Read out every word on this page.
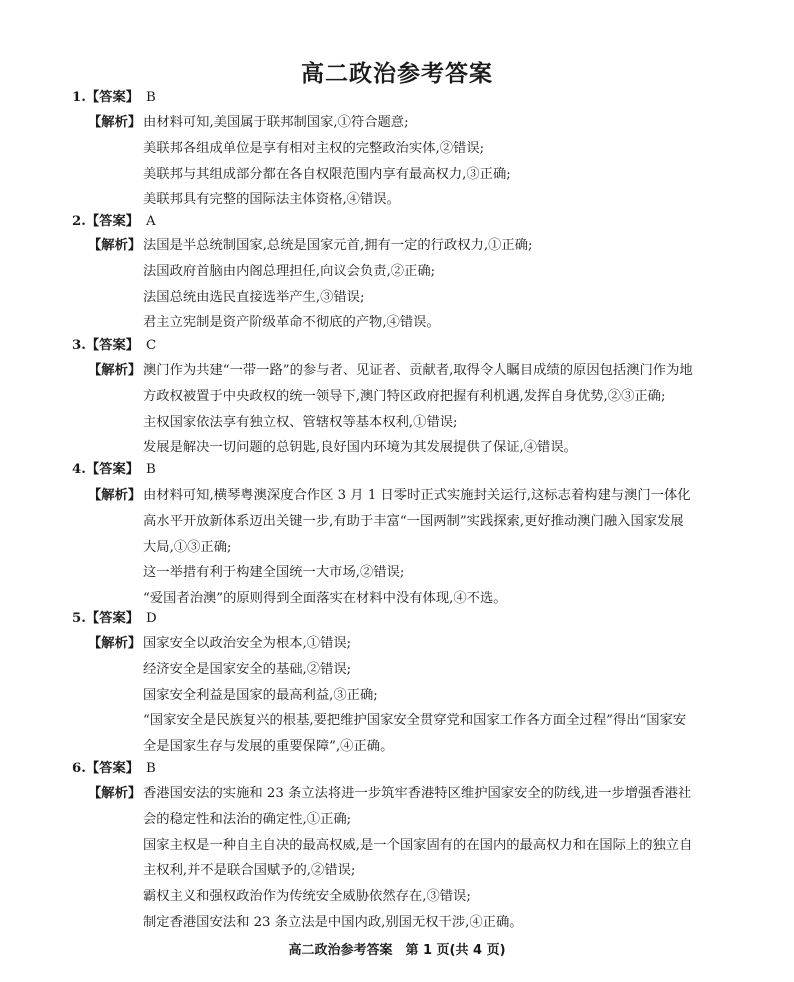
高二政治参考答案
1.【答案】 B
【解析】 由材料可知,美国属于联邦制国家,①符合题意;
美联邦各组成单位是享有相对主权的完整政治实体,②错误;
美联邦与其组成部分都在各自权限范围内享有最高权力,③正确;
美联邦具有完整的国际法主体资格,④错误。
2.【答案】 A
【解析】 法国是半总统制国家,总统是国家元首,拥有一定的行政权力,①正确;
法国政府首脑由内阁总理担任,向议会负责,②正确;
法国总统由选民直接选举产生,③错误;
君主立宪制是资产阶级革命不彻底的产物,④错误。
3.【答案】 C
【解析】 澳门作为共建“一带一路”的参与者、见证者、贡献者,取得令人瞩目成绩的原因包括澳门作为地
方政权被置于中央政权的统一领导下,澳门特区政府把握有利机遇,发挥自身优势,②③正确;
主权国家依法享有独立权、管辖权等基本权利,①错误;
发展是解决一切问题的总钥匙,良好国内环境为其发展提供了保证,④错误。
4.【答案】 B
【解析】 由材料可知,横琴粤澳深度合作区 3 月 1 日零时正式实施封关运行,这标志着构建与澳门一体化
高水平开放新体系迈出关键一步,有助于丰富“一国两制”实践探索,更好推动澳门融入国家发展
大局,①③正确;
这一举措有利于构建全国统一大市场,②错误;
“爱国者治澳”的原则得到全面落实在材料中没有体现,④不选。
5.【答案】 D
【解析】 国家安全以政治安全为根本,①错误;
经济安全是国家安全的基础,②错误;
国家安全利益是国家的最高利益,③正确;
“国家安全是民族复兴的根基,要把维护国家安全贯穿党和国家工作各方面全过程”得出“国家安
全是国家生存与发展的重要保障”,④正确。
6.【答案】 B
【解析】 香港国安法的实施和 23 条立法将进一步筑牢香港特区维护国家安全的防线,进一步增强香港社
会的稳定性和法治的确定性,①正确;
国家主权是一种自主自决的最高权威,是一个国家固有的在国内的最高权力和在国际上的独立自
主权利,并不是联合国赋予的,②错误;
霸权主义和强权政治作为传统安全威胁依然存在,③错误;
制定香港国安法和 23 条立法是中国内政,别国无权干涉,④正确。
高二政治参考答案　第 1 页(共 4 页)
